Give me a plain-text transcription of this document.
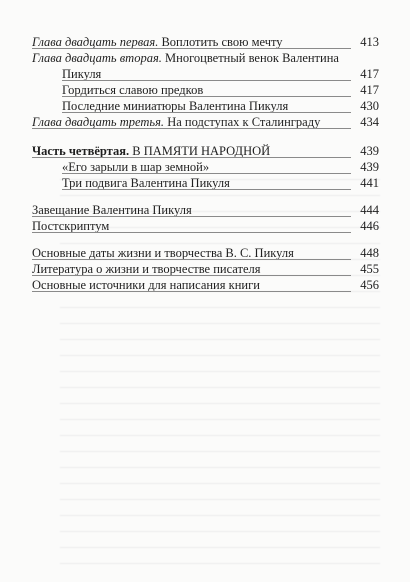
Глава двадцать первая. Воплотить свою мечту	413
Глава двадцать вторая. Многоцветный венок Валентина
Пикуля	417
Гордиться славою предков	417
Последние миниатюры Валентина Пикуля	430
Глава двадцать третья. На подступах к Сталинграду	434
Часть четвёртая. В ПАМЯТИ НАРОДНОЙ	439
«Его зарыли в шар земной»	439
Три подвига Валентина Пикуля	441
Завещание Валентина Пикуля	444
Постскриптум	446
Основные даты жизни и творчества В. С. Пикуля	448
Литература о жизни и творчестве писателя	455
Основные источники для написания книги	456
